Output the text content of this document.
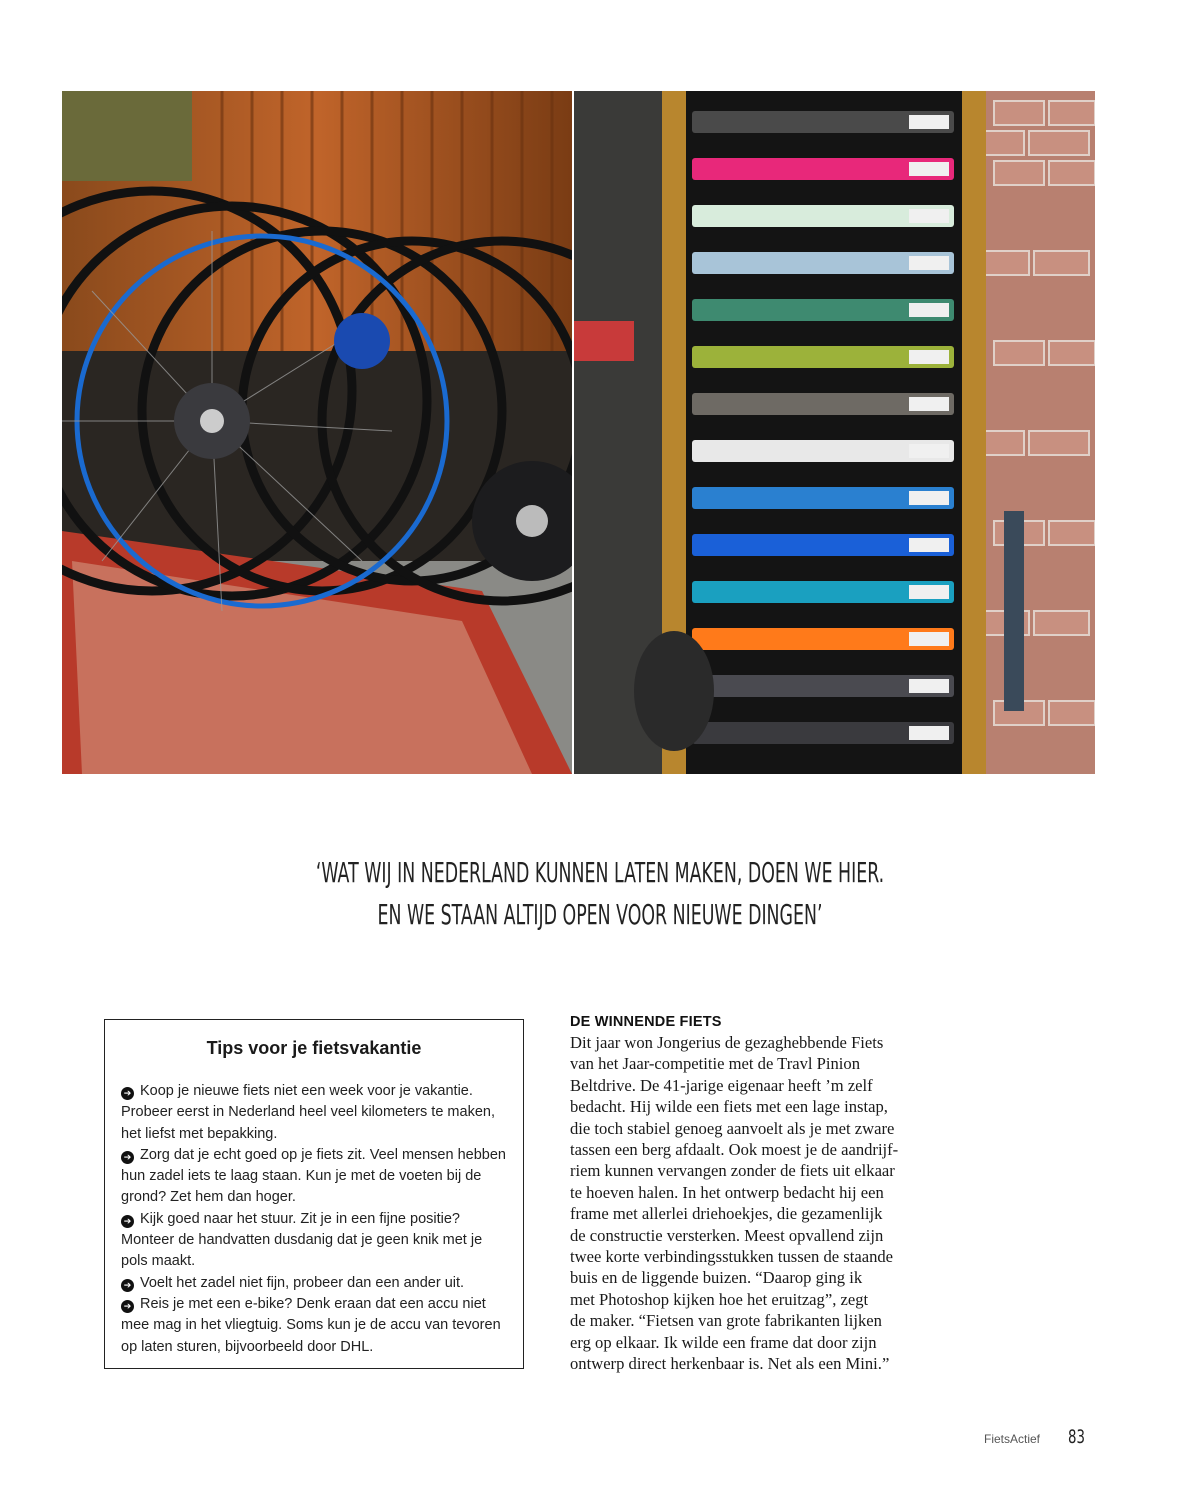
‘WAT WIJ IN NEDERLAND KUNNEN LATEN MAKEN, DOEN WE HIER.
EN WE STAAN ALTIJD OPEN VOOR NIEUWE DINGEN’
Tips voor je fietsvakantie
➔ Koop je nieuwe fiets niet een week voor je vakantie. Probeer eerst in Nederland heel veel kilometers te maken, het liefst met bepakking.
➔ Zorg dat je echt goed op je fiets zit. Veel mensen hebben hun zadel iets te laag staan. Kun je met de voeten bij de grond? Zet hem dan hoger.
➔ Kijk goed naar het stuur. Zit je in een fijne positie? Monteer de handvatten dusdanig dat je geen knik met je pols maakt.
➔ Voelt het zadel niet fijn, probeer dan een ander uit.
➔ Reis je met een e-bike? Denk eraan dat een accu niet mee mag in het vliegtuig. Soms kun je de accu van tevoren op laten sturen, bijvoorbeeld door DHL.
DE WINNENDE FIETS

Dit jaar won Jongerius de gezaghebbende Fiets
van het Jaar-competitie met de Travl Pinion
Beltdrive. De 41-jarige eigenaar heeft ’m zelf
bedacht. Hij wilde een fiets met een lage instap,
die toch stabiel genoeg aanvoelt als je met zware
tassen een berg afdaalt. Ook moest je de aandrijf-
riem kunnen vervangen zonder de fiets uit elkaar
te hoeven halen. In het ontwerp bedacht hij een
frame met allerlei driehoekjes, die gezamenlijk
de constructie versterken. Meest opvallend zijn
twee korte verbindingsstukken tussen de staande
buis en de liggende buizen. “Daarop ging ik
met Photoshop kijken hoe het eruitzag”, zegt
de maker. “Fietsen van grote fabrikanten lijken
erg op elkaar. Ik wilde een frame dat door zijn
ontwerp direct herkenbaar is. Net als een Mini.”

FietsActief 83
